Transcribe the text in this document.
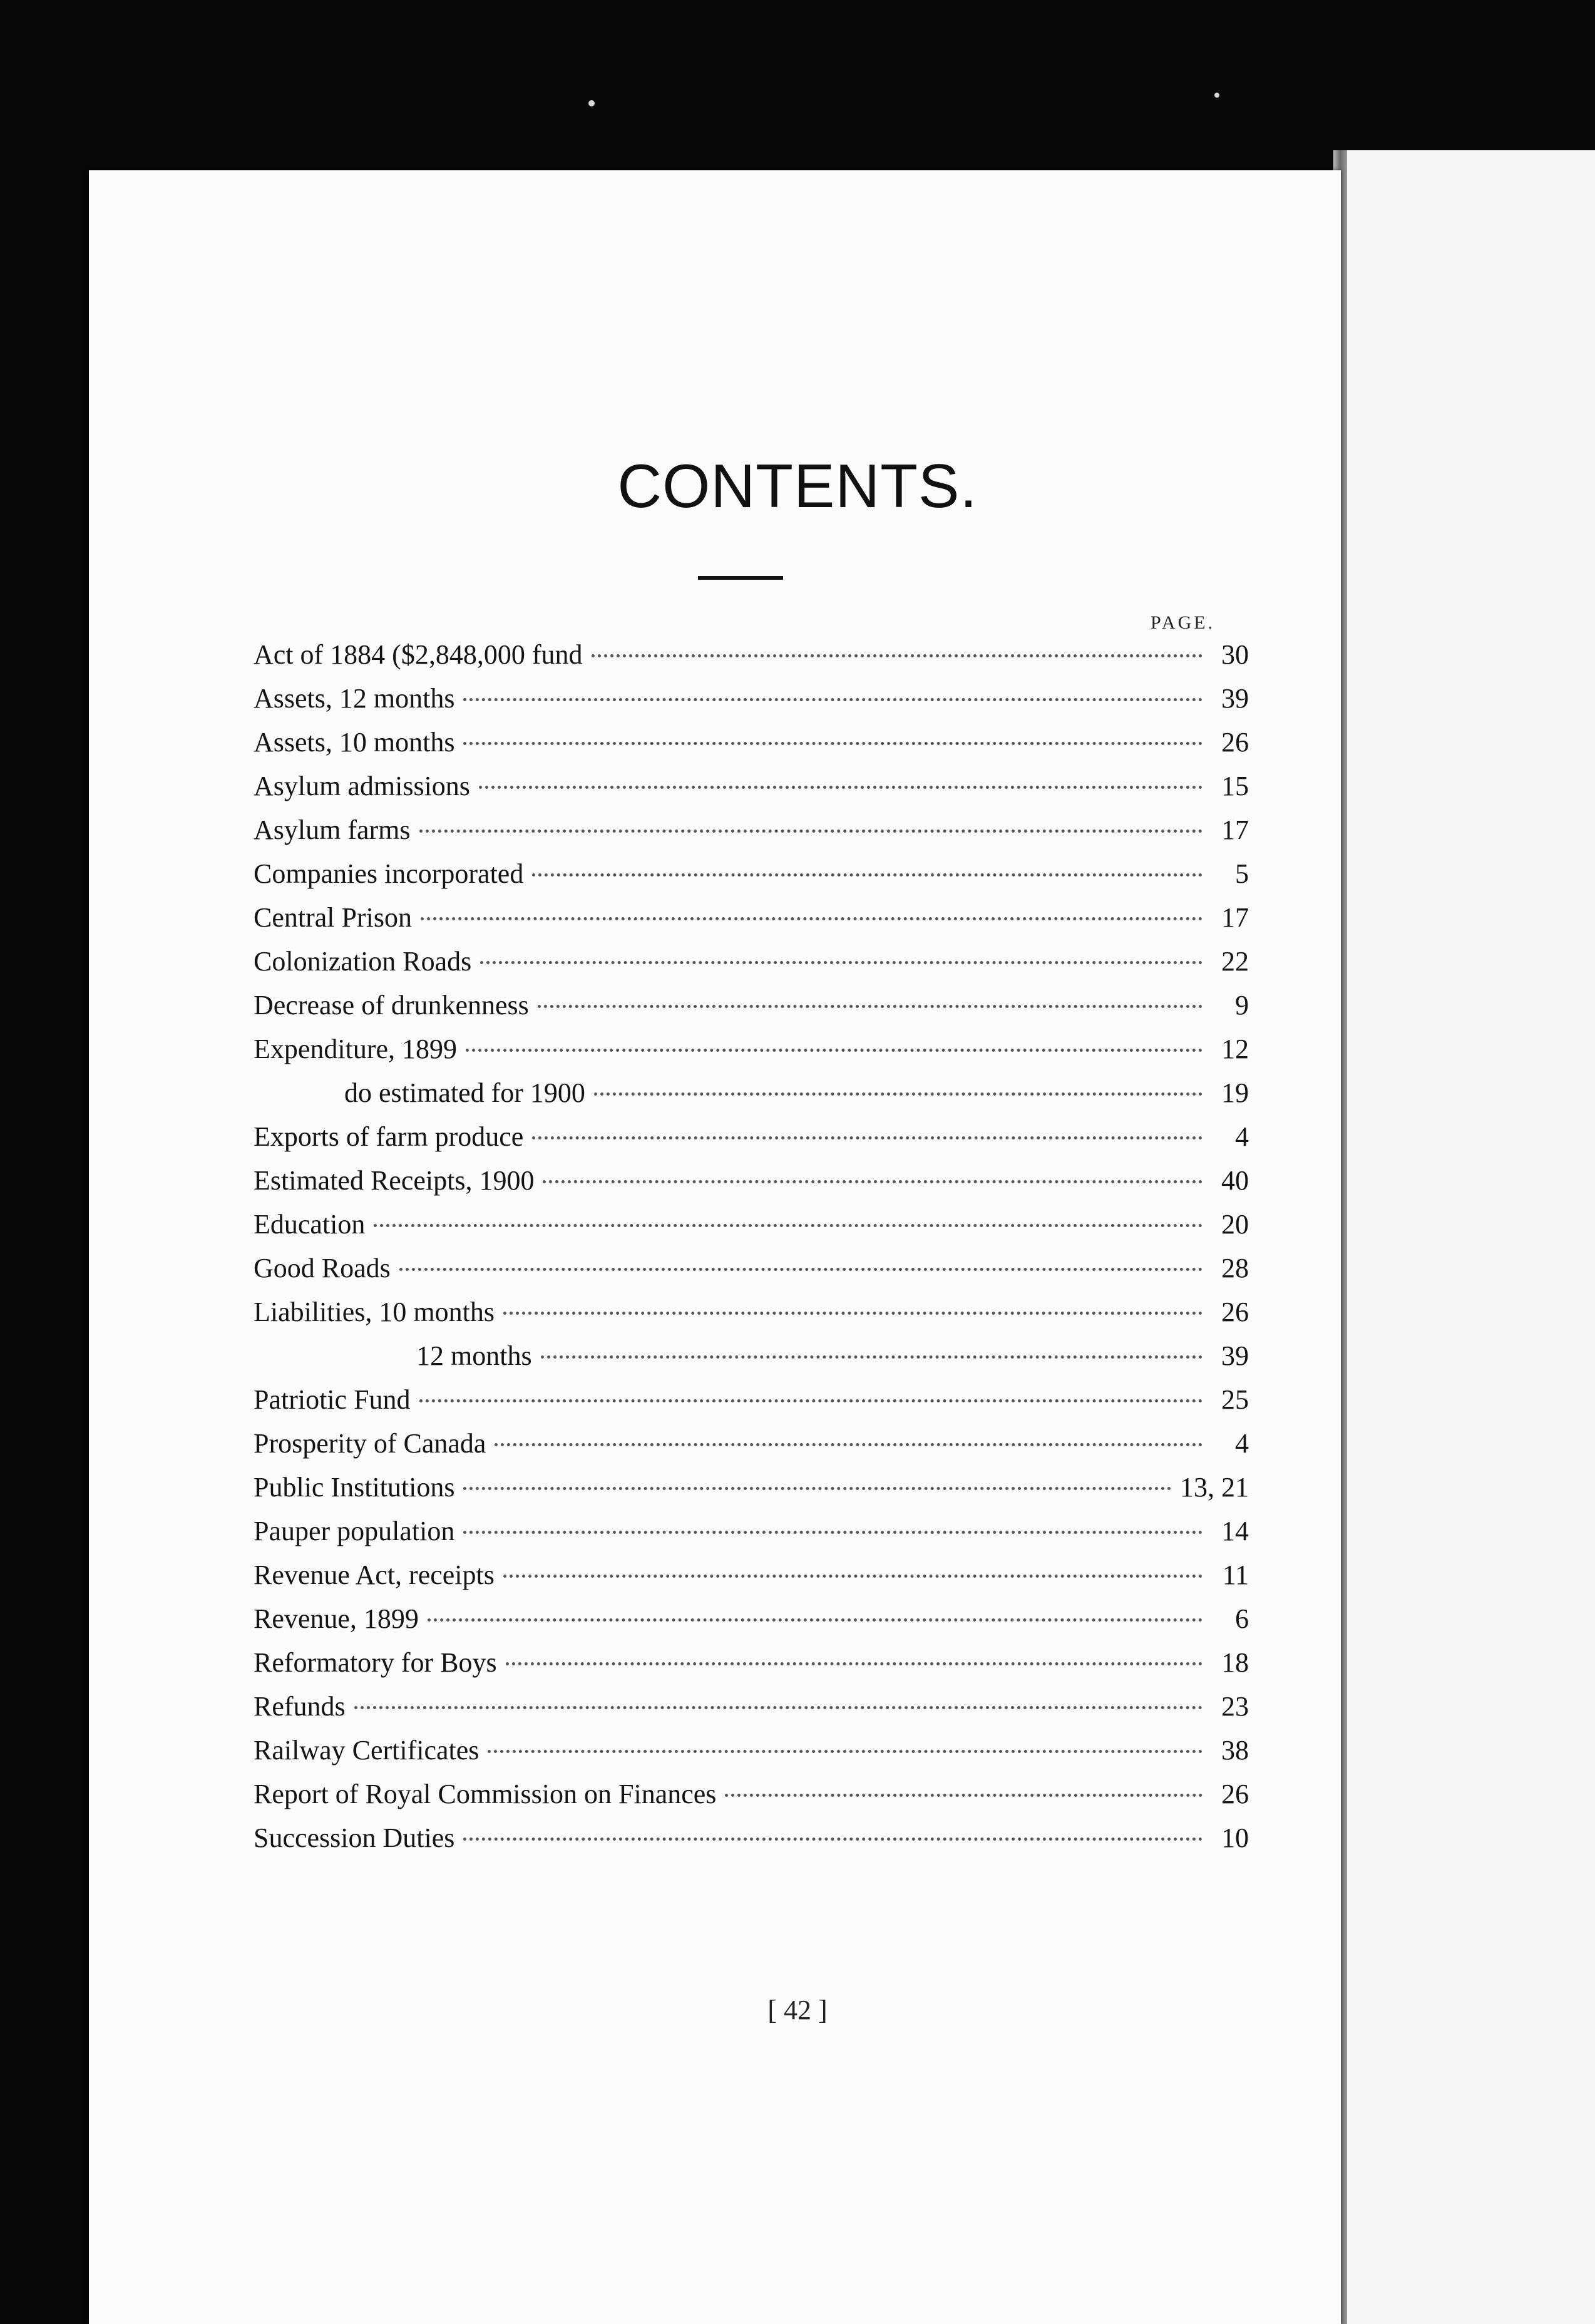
CONTENTS.
PAGE.
Act of 1884 ($2,848,000 fund	30
Assets, 12 months	39
Assets, 10 months	26
Asylum admissions	15
Asylum farms	17
Companies incorporated	5
Central Prison	17
Colonization Roads	22
Decrease of drunkenness	9
Expenditure, 1899	12
do estimated for 1900	19
Exports of farm produce	4
Estimated Receipts, 1900	40
Education	20
Good Roads	28
Liabilities, 10 months	26
12 months	39
Patriotic Fund	25
Prosperity of Canada	4
Public Institutions	13, 21
Pauper population	14
Revenue Act, receipts	11
Revenue, 1899	6
Reformatory for Boys	18
Refunds	23
Railway Certificates	38
Report of Royal Commission on Finances	26
Succession Duties	10
[ 42 ]
